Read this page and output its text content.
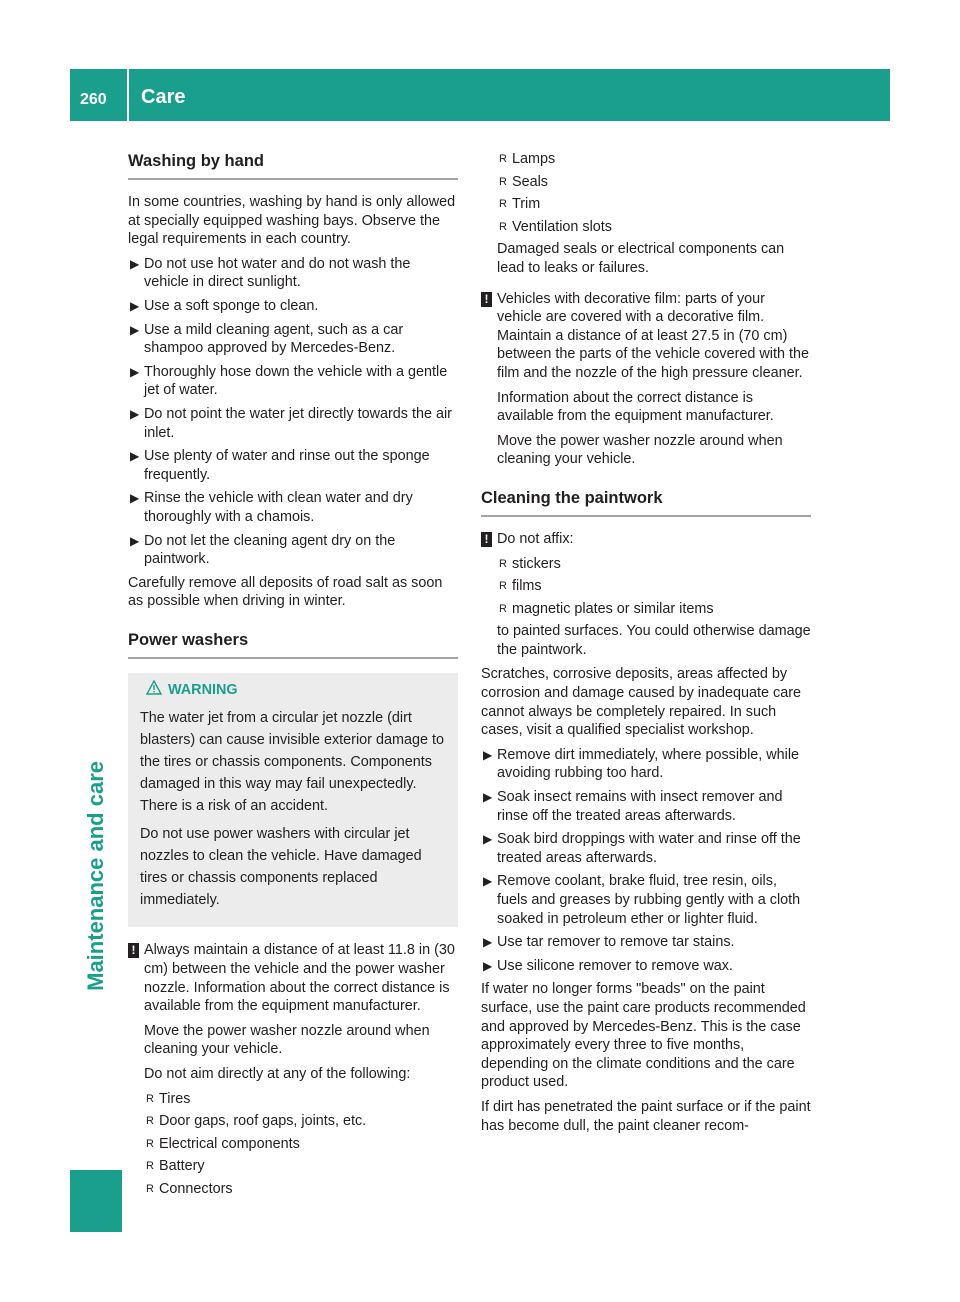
260 Care
Maintenance and care
Washing by hand

In some countries, washing by hand is only allowed at specially equipped washing bays. Observe the legal requirements in each country.

▶ Do not use hot water and do not wash the vehicle in direct sunlight.
▶ Use a soft sponge to clean.
▶ Use a mild cleaning agent, such as a car shampoo approved by Mercedes-Benz.
▶ Thoroughly hose down the vehicle with a gentle jet of water.
▶ Do not point the water jet directly towards the air inlet.
▶ Use plenty of water and rinse out the sponge frequently.
▶ Rinse the vehicle with clean water and dry thoroughly with a chamois.
▶ Do not let the cleaning agent dry on the paintwork.

Carefully remove all deposits of road salt as soon as possible when driving in winter.

Power washers
WARNING

The water jet from a circular jet nozzle (dirt blasters) can cause invisible exterior damage to the tires or chassis components. Components damaged in this way may fail unexpectedly. There is a risk of an accident.

Do not use power washers with circular jet nozzles to clean the vehicle. Have damaged tires or chassis components replaced immediately.

! Always maintain a distance of at least 11.8 in (30 cm) between the vehicle and the power washer nozzle. Information about the correct distance is available from the equipment manufacturer.

Move the power washer nozzle around when cleaning your vehicle.

Do not aim directly at any of the following:

R Tires
R Door gaps, roof gaps, joints, etc.
R Electrical components
R Battery
R Connectors
R Lamps
R Seals
R Trim
R Ventilation slots

Damaged seals or electrical components can lead to leaks or failures.

! Vehicles with decorative film: parts of your vehicle are covered with a decorative film. Maintain a distance of at least 27.5 in (70 cm) between the parts of the vehicle covered with the film and the nozzle of the high pressure cleaner.

Information about the correct distance is available from the equipment manufacturer.

Move the power washer nozzle around when cleaning your vehicle.

Cleaning the paintwork
! Do not affix:

R stickers
R films
R magnetic plates or similar items

to painted surfaces. You could otherwise damage the paintwork.

Scratches, corrosive deposits, areas affected by corrosion and damage caused by inadequate care cannot always be completely repaired. In such cases, visit a qualified specialist workshop.

▶ Remove dirt immediately, where possible, while avoiding rubbing too hard.
▶ Soak insect remains with insect remover and rinse off the treated areas afterwards.
▶ Soak bird droppings with water and rinse off the treated areas afterwards.
▶ Remove coolant, brake fluid, tree resin, oils, fuels and greases by rubbing gently with a cloth soaked in petroleum ether or lighter fluid.
▶ Use tar remover to remove tar stains.
▶ Use silicone remover to remove wax.

If water no longer forms "beads" on the paint surface, use the paint care products recommended and approved by Mercedes-Benz. This is the case approximately every three to five months, depending on the climate conditions and the care product used.

If dirt has penetrated the paint surface or if the paint has become dull, the paint cleaner recom-
